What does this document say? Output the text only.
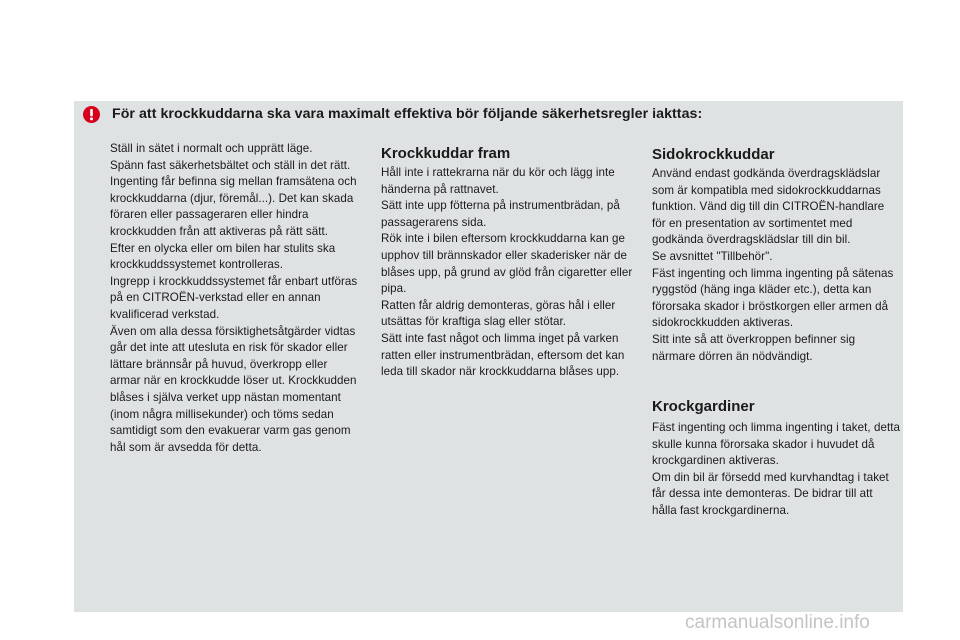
För att krockkuddarna ska vara maximalt effektiva bör följande säkerhetsregler iakttas:
Ställ in sätet i normalt och upprätt läge.
Spänn fast säkerhetsbältet och ställ in det rätt.
Ingenting får befinna sig mellan framsätena och krockkuddarna (djur, föremål...). Det kan skada föraren eller passageraren eller hindra krockkudden från att aktiveras på rätt sätt.
Efter en olycka eller om bilen har stulits ska krockkuddssystemet kontrolleras.
Ingrepp i krockkuddssystemet får enbart utföras på en CITROËN-verkstad eller en annan kvalificerad verkstad.
Även om alla dessa försiktighetsåtgärder vidtas går det inte att utesluta en risk för skador eller lättare brännsår på huvud, överkropp eller armar när en krockkudde löser ut. Krockkudden blåses i själva verket upp nästan momentant (inom några millisekunder) och töms sedan samtidigt som den evakuerar varm gas genom hål som är avsedda för detta.
Krockkuddar fram
Håll inte i rattekrarna när du kör och lägg inte händerna på rattnavet.
Sätt inte upp fötterna på instrumentbrädan, på passagerarens sida.
Rök inte i bilen eftersom krockkuddarna kan ge upphov till brännskador eller skaderisker när de blåses upp, på grund av glöd från cigaretter eller pipa.
Ratten får aldrig demonteras, göras hål i eller utsättas för kraftiga slag eller stötar.
Sätt inte fast något och limma inget på varken ratten eller instrumentbrädan, eftersom det kan leda till skador när krockkuddarna blåses upp.
Sidokrockkuddar
Använd endast godkända överdragsklädslar som är kompatibla med sidokrockkuddarnas funktion. Vänd dig till din CITROËN-handlare för en presentation av sortimentet med godkända överdragsklädslar till din bil.
Se avsnittet "Tillbehör".
Fäst ingenting och limma ingenting på sätenas ryggstöd (häng inga kläder etc.), detta kan förorsaka skador i bröstkorgen eller armen då sidokrockkudden aktiveras.
Sitt inte så att överkroppen befinner sig närmare dörren än nödvändigt.
Krockgardiner
Fäst ingenting och limma ingenting i taket, detta skulle kunna förorsaka skador i huvudet då krockgardinen aktiveras.
Om din bil är försedd med kurvhandtag i taket får dessa inte demonteras. De bidrar till att hålla fast krockgardinerna.
carmanualsonline.info
